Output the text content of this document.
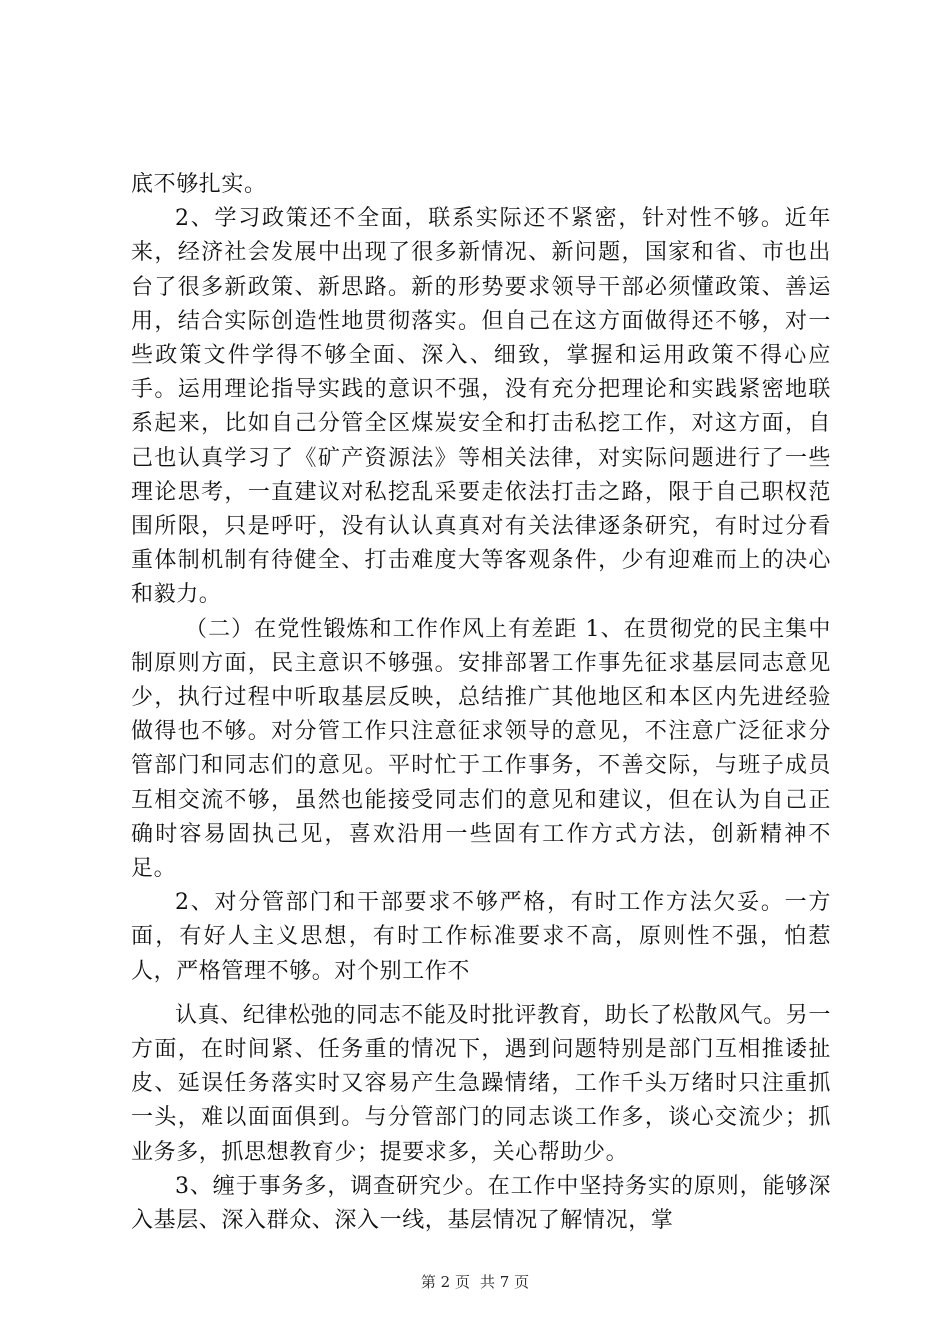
底不够扎实。

2、学习政策还不全面，联系实际还不紧密，针对性不够。近年来，经济社会发展中出现了很多新情况、新问题，国家和省、市也出台了很多新政策、新思路。新的形势要求领导干部必须懂政策、善运用，结合实际创造性地贯彻落实。但自己在这方面做得还不够，对一些政策文件学得不够全面、深入、细致，掌握和运用政策不得心应手。运用理论指导实践的意识不强，没有充分把理论和实践紧密地联系起来，比如自己分管全区煤炭安全和打击私挖工作，对这方面，自己也认真学习了《矿产资源法》等相关法律，对实际问题进行了一些理论思考，一直建议对私挖乱采要走依法打击之路，限于自己职权范围所限，只是呼吁，没有认认真真对有关法律逐条研究，有时过分看重体制机制有待健全、打击难度大等客观条件，少有迎难而上的决心和毅力。

（二）在党性锻炼和工作作风上有差距 1、在贯彻党的民主集中制原则方面，民主意识不够强。安排部署工作事先征求基层同志意见少，执行过程中听取基层反映，总结推广其他地区和本区内先进经验做得也不够。对分管工作只注意征求领导的意见，不注意广泛征求分管部门和同志们的意见。平时忙于工作事务，不善交际，与班子成员互相交流不够，虽然也能接受同志们的意见和建议，但在认为自己正确时容易固执己见，喜欢沿用一些固有工作方式方法，创新精神不足。

2、对分管部门和干部要求不够严格，有时工作方法欠妥。一方面，有好人主义思想，有时工作标准要求不高，原则性不强，怕惹人，严格管理不够。对个别工作不

认真、纪律松弛的同志不能及时批评教育，助长了松散风气。另一方面，在时间紧、任务重的情况下，遇到问题特别是部门互相推诿扯皮、延误任务落实时又容易产生急躁情绪，工作千头万绪时只注重抓一头，难以面面俱到。与分管部门的同志谈工作多，谈心交流少；抓业务多，抓思想教育少；提要求多，关心帮助少。

3、缠于事务多，调查研究少。在工作中坚持务实的原则，能够深入基层、深入群众、深入一线，基层情况了解情况，掌

第 2 页 共 7 页
